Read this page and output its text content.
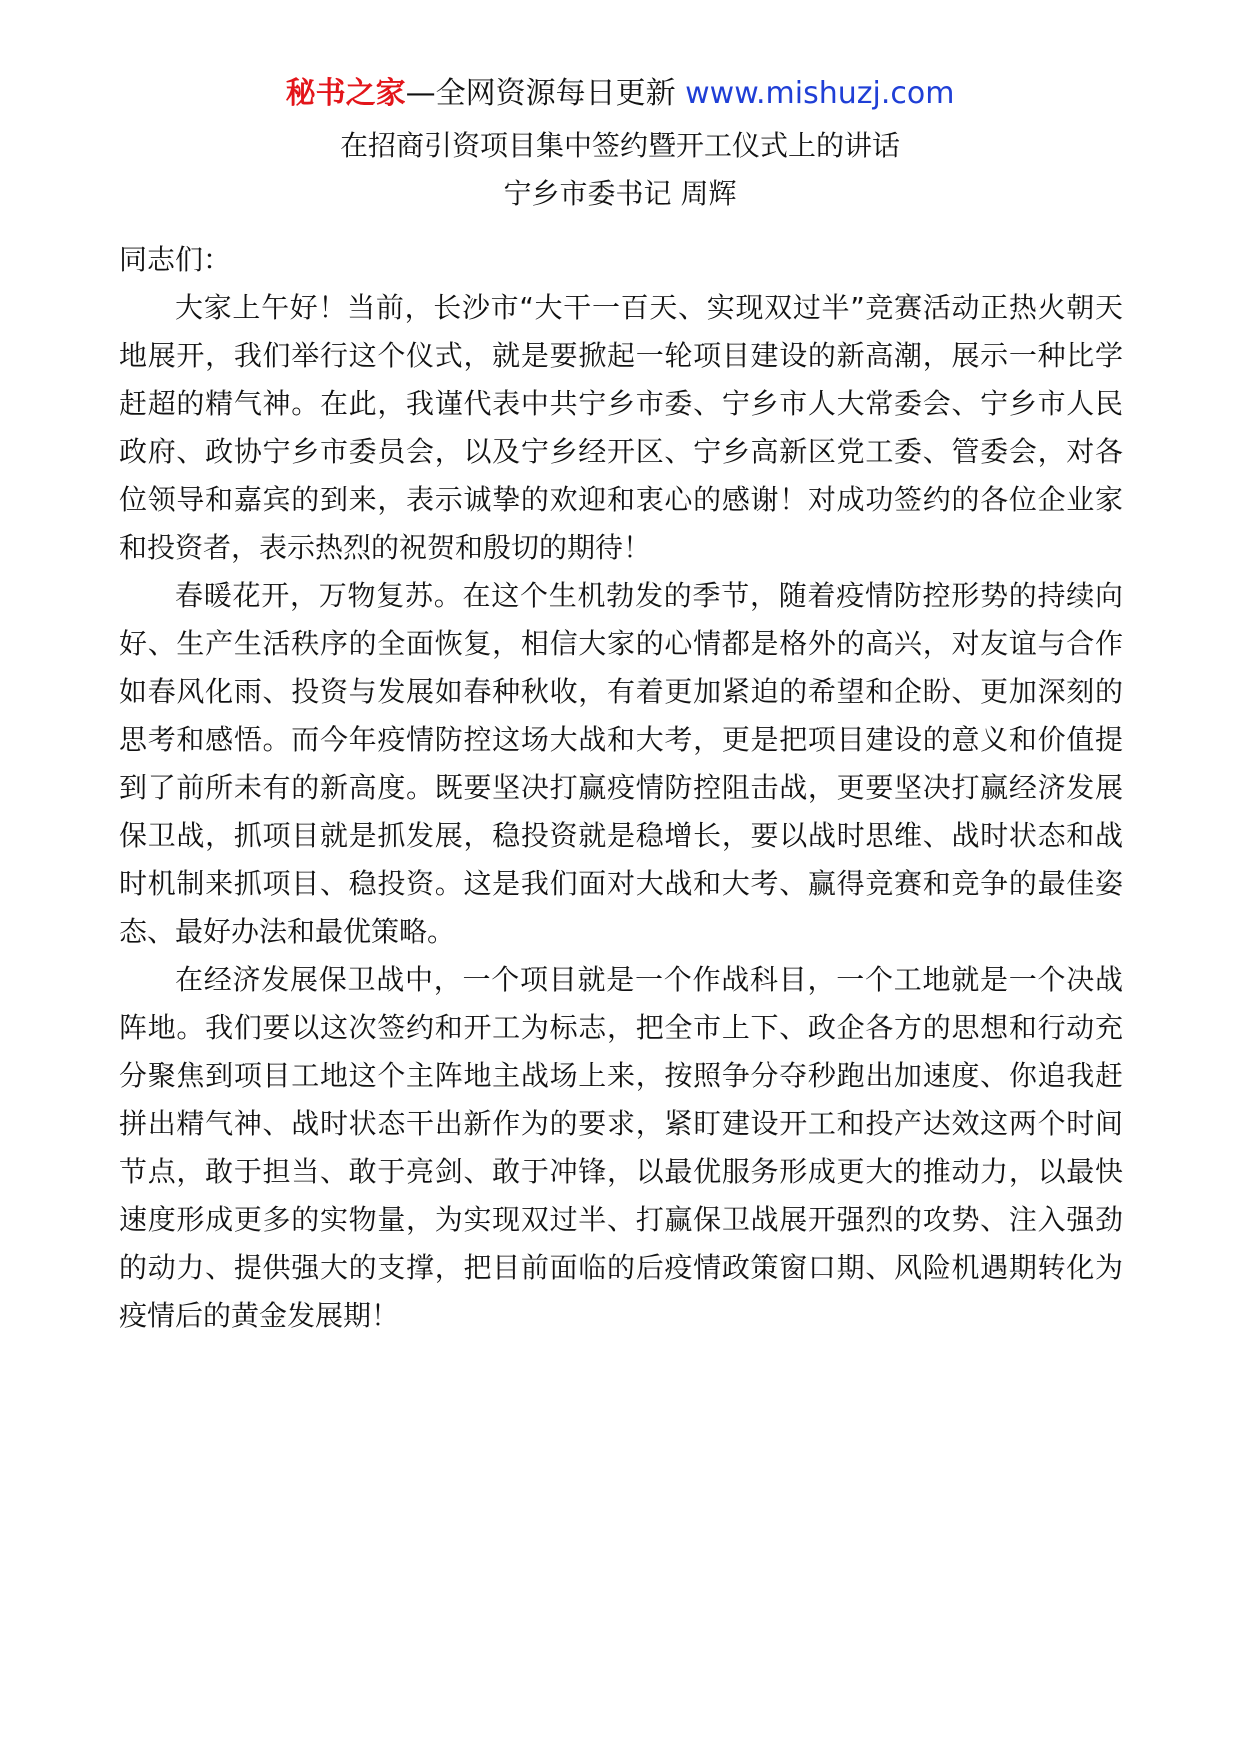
秘书之家—全网资源每日更新 www.mishuzj.com
在招商引资项目集中签约暨开工仪式上的讲话
宁乡市委书记 周辉

同志们：

大家上午好！当前，长沙市“大干一百天、实现双过半”竞赛活动正热火朝天地展开，我们举行这个仪式，就是要掀起一轮项目建设的新高潮，展示一种比学赶超的精气神。在此，我谨代表中共宁乡市委、宁乡市人大常委会、宁乡市人民政府、政协宁乡市委员会，以及宁乡经开区、宁乡高新区党工委、管委会，对各位领导和嘉宾的到来，表示诚挚的欢迎和衷心的感谢！对成功签约的各位企业家和投资者，表示热烈的祝贺和殷切的期待！

春暖花开，万物复苏。在这个生机勃发的季节，随着疫情防控形势的持续向好、生产生活秩序的全面恢复，相信大家的心情都是格外的高兴，对友谊与合作如春风化雨、投资与发展如春种秋收，有着更加紧迫的希望和企盼、更加深刻的思考和感悟。而今年疫情防控这场大战和大考，更是把项目建设的意义和价值提到了前所未有的新高度。既要坚决打赢疫情防控阻击战，更要坚决打赢经济发展保卫战，抓项目就是抓发展，稳投资就是稳增长，要以战时思维、战时状态和战时机制来抓项目、稳投资。这是我们面对大战和大考、赢得竞赛和竞争的最佳姿态、最好办法和最优策略。

在经济发展保卫战中，一个项目就是一个作战科目，一个工地就是一个决战阵地。我们要以这次签约和开工为标志，把全市上下、政企各方的思想和行动充分聚焦到项目工地这个主阵地主战场上来，按照争分夺秒跑出加速度、你追我赶拼出精气神、战时状态干出新作为的要求，紧盯建设开工和投产达效这两个时间节点，敢于担当、敢于亮剑、敢于冲锋，以最优服务形成更大的推动力，以最快速度形成更多的实物量，为实现双过半、打赢保卫战展开强烈的攻势、注入强劲的动力、提供强大的支撑，把目前面临的后疫情政策窗口期、风险机遇期转化为疫情后的黄金发展期！
